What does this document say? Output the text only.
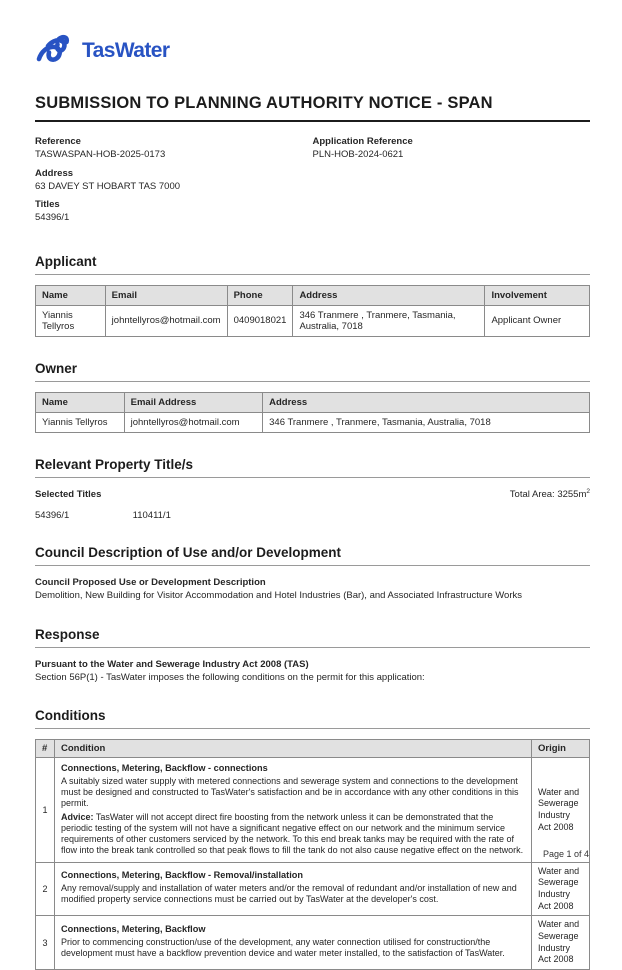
TasWater
SUBMISSION TO PLANNING AUTHORITY NOTICE - SPAN
Reference
TASWASPAN-HOB-2025-0173
Address
63 DAVEY ST HOBART TAS 7000
Titles
54396/1
Application Reference
PLN-HOB-2024-0621
Applicant
Name	Email	Phone	Address	Involvement
Yiannis Tellyros	johntellyros@hotmail.com	0409018021	346 Tranmere , Tranmere, Tasmania, Australia, 7018	Applicant Owner
Owner
Name	Email Address	Address
Yiannis Tellyros	johntellyros@hotmail.com	346 Tranmere , Tranmere, Tasmania, Australia, 7018
Relevant Property Title/s
Selected Titles	Total Area: $3255m^2$
54396/1	110411/1
Council Description of Use and/or Development
Council Proposed Use or Development Description
Demolition, New Building for Visitor Accommodation and Hotel Industries (Bar), and Associated Infrastructure Works
Response
Pursuant to the Water and Sewerage Industry Act 2008 (TAS)
Section 56P(1) - TasWater imposes the following conditions on the permit for this application:
Conditions
#	Condition	Origin
1	Connections, Metering, Backflow - connections
A suitably sized water supply with metered connections and sewerage system and connections to the development must be designed and constructed to TasWater's satisfaction and be in accordance with any other conditions in this permit.
Advice: TasWater will not accept direct fire boosting from the network unless it can be demonstrated that the periodic testing of the system will not have a significant negative effect on our network and the minimum service requirements of other customers serviced by the network. To this end break tanks may be required with the rate of flow into the break tank controlled so that peak flows to fill the tank do not also cause negative effect on the network.	Water and Sewerage Industry Act 2008
2	Connections, Metering, Backflow - Removal/installation
Any removal/supply and installation of water meters and/or the removal of redundant and/or installation of new and modified property service connections must be carried out by TasWater at the developer's cost.	Water and Sewerage Industry Act 2008
3	Connections, Metering, Backflow
Prior to commencing construction/use of the development, any water connection utilised for construction/the development must have a backflow prevention device and water meter installed, to the satisfaction of TasWater.	Water and Sewerage Industry Act 2008
Page 1 of 4
